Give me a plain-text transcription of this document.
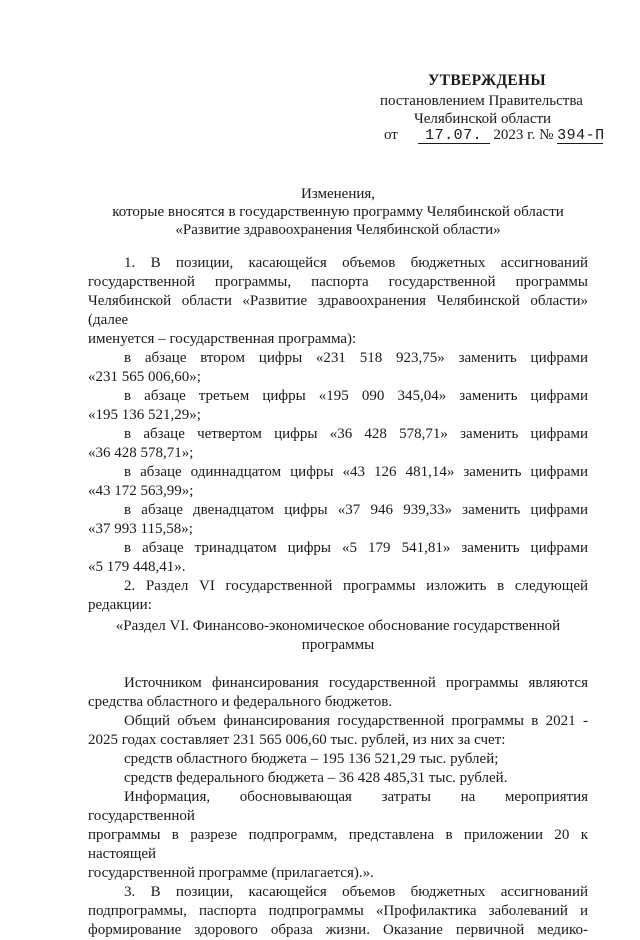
УТВЕРЖДЕНЫ
постановлением Правительства
Челябинской области
от 17.07. 2023 г. № 394-П
Изменения,
которые вносятся в государственную программу Челябинской области
«Развитие здравоохранения Челябинской области»

1. В позиции, касающейся объемов бюджетных ассигнований

государственной программы, паспорта государственной программы

Челябинской области «Развитие здравоохранения Челябинской области» (далее

именуется – государственная программа):

в абзаце втором цифры «231 518 923,75» заменить цифрами

«231 565 006,60»;

в абзаце третьем цифры «195 090 345,04» заменить цифрами

«195 136 521,29»;

в абзаце четвертом цифры «36 428 578,71» заменить цифрами

«36 428 578,71»;

в абзаце одиннадцатом цифры «43 126 481,14» заменить цифрами

«43 172 563,99»;

в абзаце двенадцатом цифры «37 946 939,33» заменить цифрами

«37 993 115,58»;

в абзаце тринадцатом цифры «5 179 541,81» заменить цифрами

«5 179 448,41».

2. Раздел VI государственной программы изложить в следующей

редакции:

«Раздел VI. Финансово-экономическое обоснование государственной

программы

Источником финансирования государственной программы являются

средства областного и федерального бюджетов.

Общий объем финансирования государственной программы в 2021 -

2025 годах составляет 231 565 006,60 тыс. рублей, из них за счет:

средств областного бюджета – 195 136 521,29 тыс. рублей;

средств федерального бюджета – 36 428 485,31 тыс. рублей.

Информация, обосновывающая затраты на мероприятия государственной

программы в разрезе подпрограмм, представлена в приложении 20 к настоящей

государственной программе (прилагается).».

3. В позиции, касающейся объемов бюджетных ассигнований

подпрограммы, паспорта подпрограммы «Профилактика заболеваний и

формирование здорового образа жизни. Оказание первичной медико-
